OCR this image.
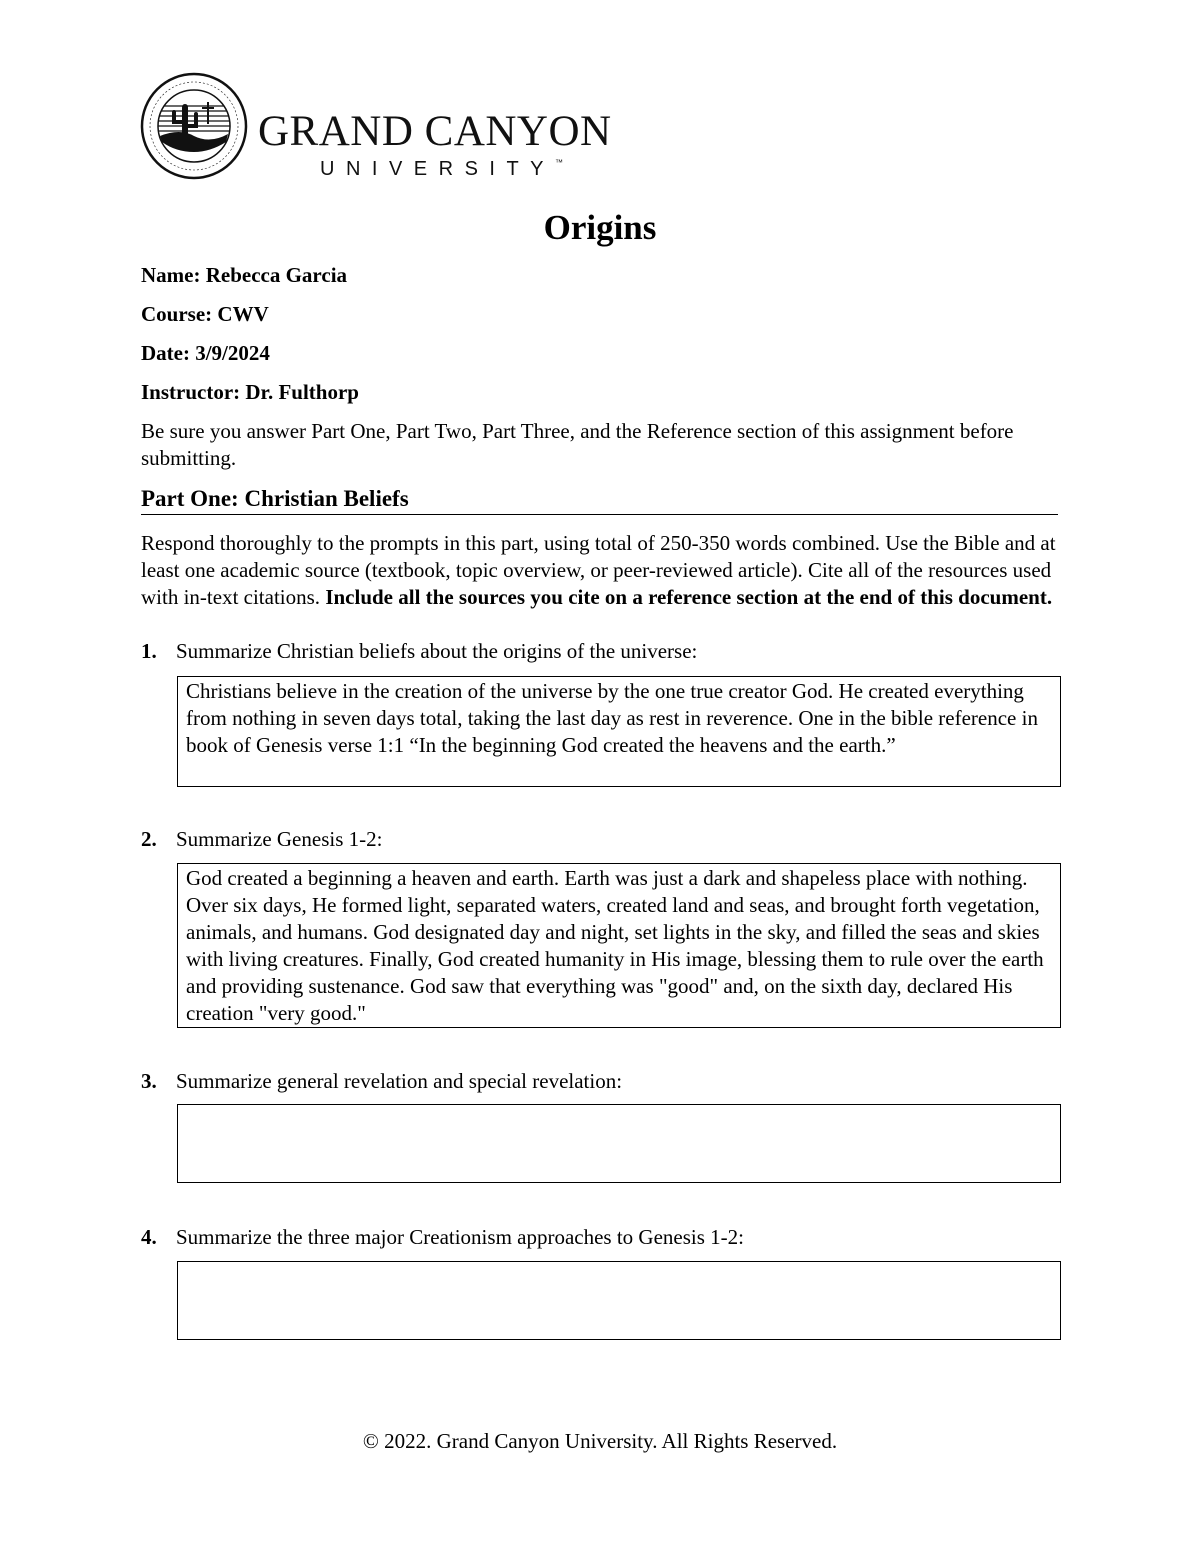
GRAND CANYON
UNIVERSITY™
Origins
Name: Rebecca Garcia
Course: CWV
Date: 3/9/2024
Instructor: Dr. Fulthorp
Be sure you answer Part One, Part Two, Part Three, and the Reference section of this assignment before submitting.
Part One: Christian Beliefs
Respond thoroughly to the prompts in this part, using total of 250-350 words combined. Use the Bible and at least one academic source (textbook, topic overview, or peer-reviewed article). Cite all of the resources used with in-text citations. Include all the sources you cite on a reference section at the end of this document.
1. Summarize Christian beliefs about the origins of the universe:
Christians believe in the creation of the universe by the one true creator God. He created everything from nothing in seven days total, taking the last day as rest in reverence. One in the bible reference in book of Genesis verse 1:1 “In the beginning God created the heavens and the earth.”
2. Summarize Genesis 1-2:
God created a beginning a heaven and earth. Earth was just a dark and shapeless place with nothing. Over six days, He formed light, separated waters, created land and seas, and brought forth vegetation, animals, and humans. God designated day and night, set lights in the sky, and filled the seas and skies with living creatures. Finally, God created humanity in His image, blessing them to rule over the earth and providing sustenance. God saw that everything was "good" and, on the sixth day, declared His creation "very good."
3. Summarize general revelation and special revelation:
4. Summarize the three major Creationism approaches to Genesis 1-2:
© 2022. Grand Canyon University. All Rights Reserved.
